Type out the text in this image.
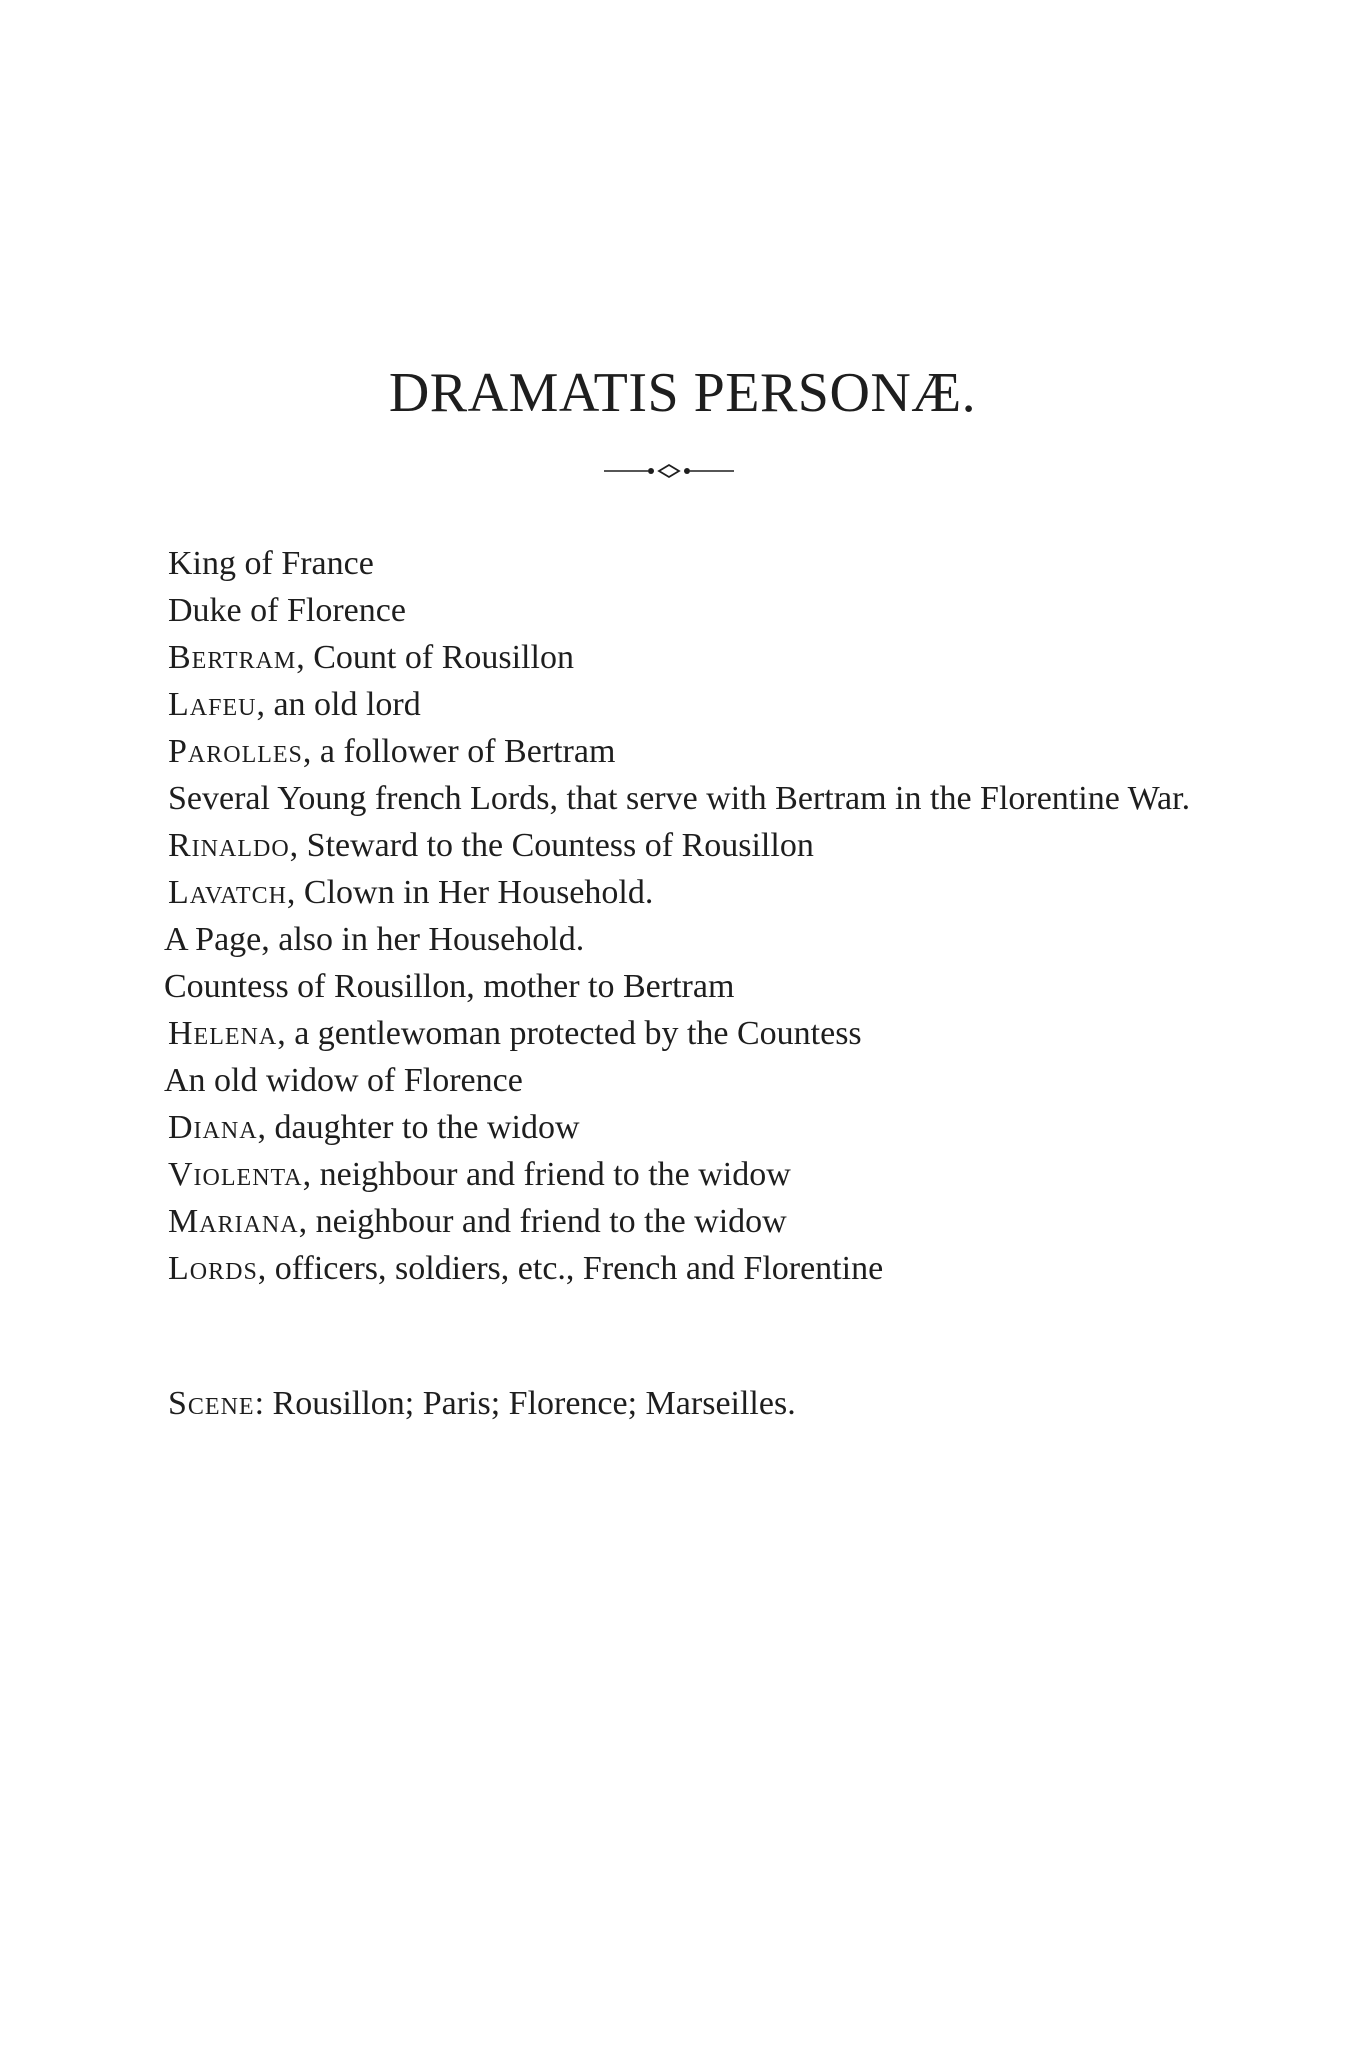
DRAMATIS PERSONÆ.
King of France
Duke of Florence
Bertram, Count of Rousillon
Lafeu, an old lord
Parolles, a follower of Bertram
Several Young french Lords, that serve with Bertram in the Florentine War.
Rinaldo, Steward to the Countess of Rousillon
Lavatch, Clown in Her Household.
A Page, also in her Household.
Countess of Rousillon, mother to Bertram
Helena, a gentlewoman protected by the Countess
An old widow of Florence
Diana, daughter to the widow
Violenta, neighbour and friend to the widow
Mariana, neighbour and friend to the widow
Lords, officers, soldiers, etc., French and Florentine

Scene: Rousillon; Paris; Florence; Marseilles.
